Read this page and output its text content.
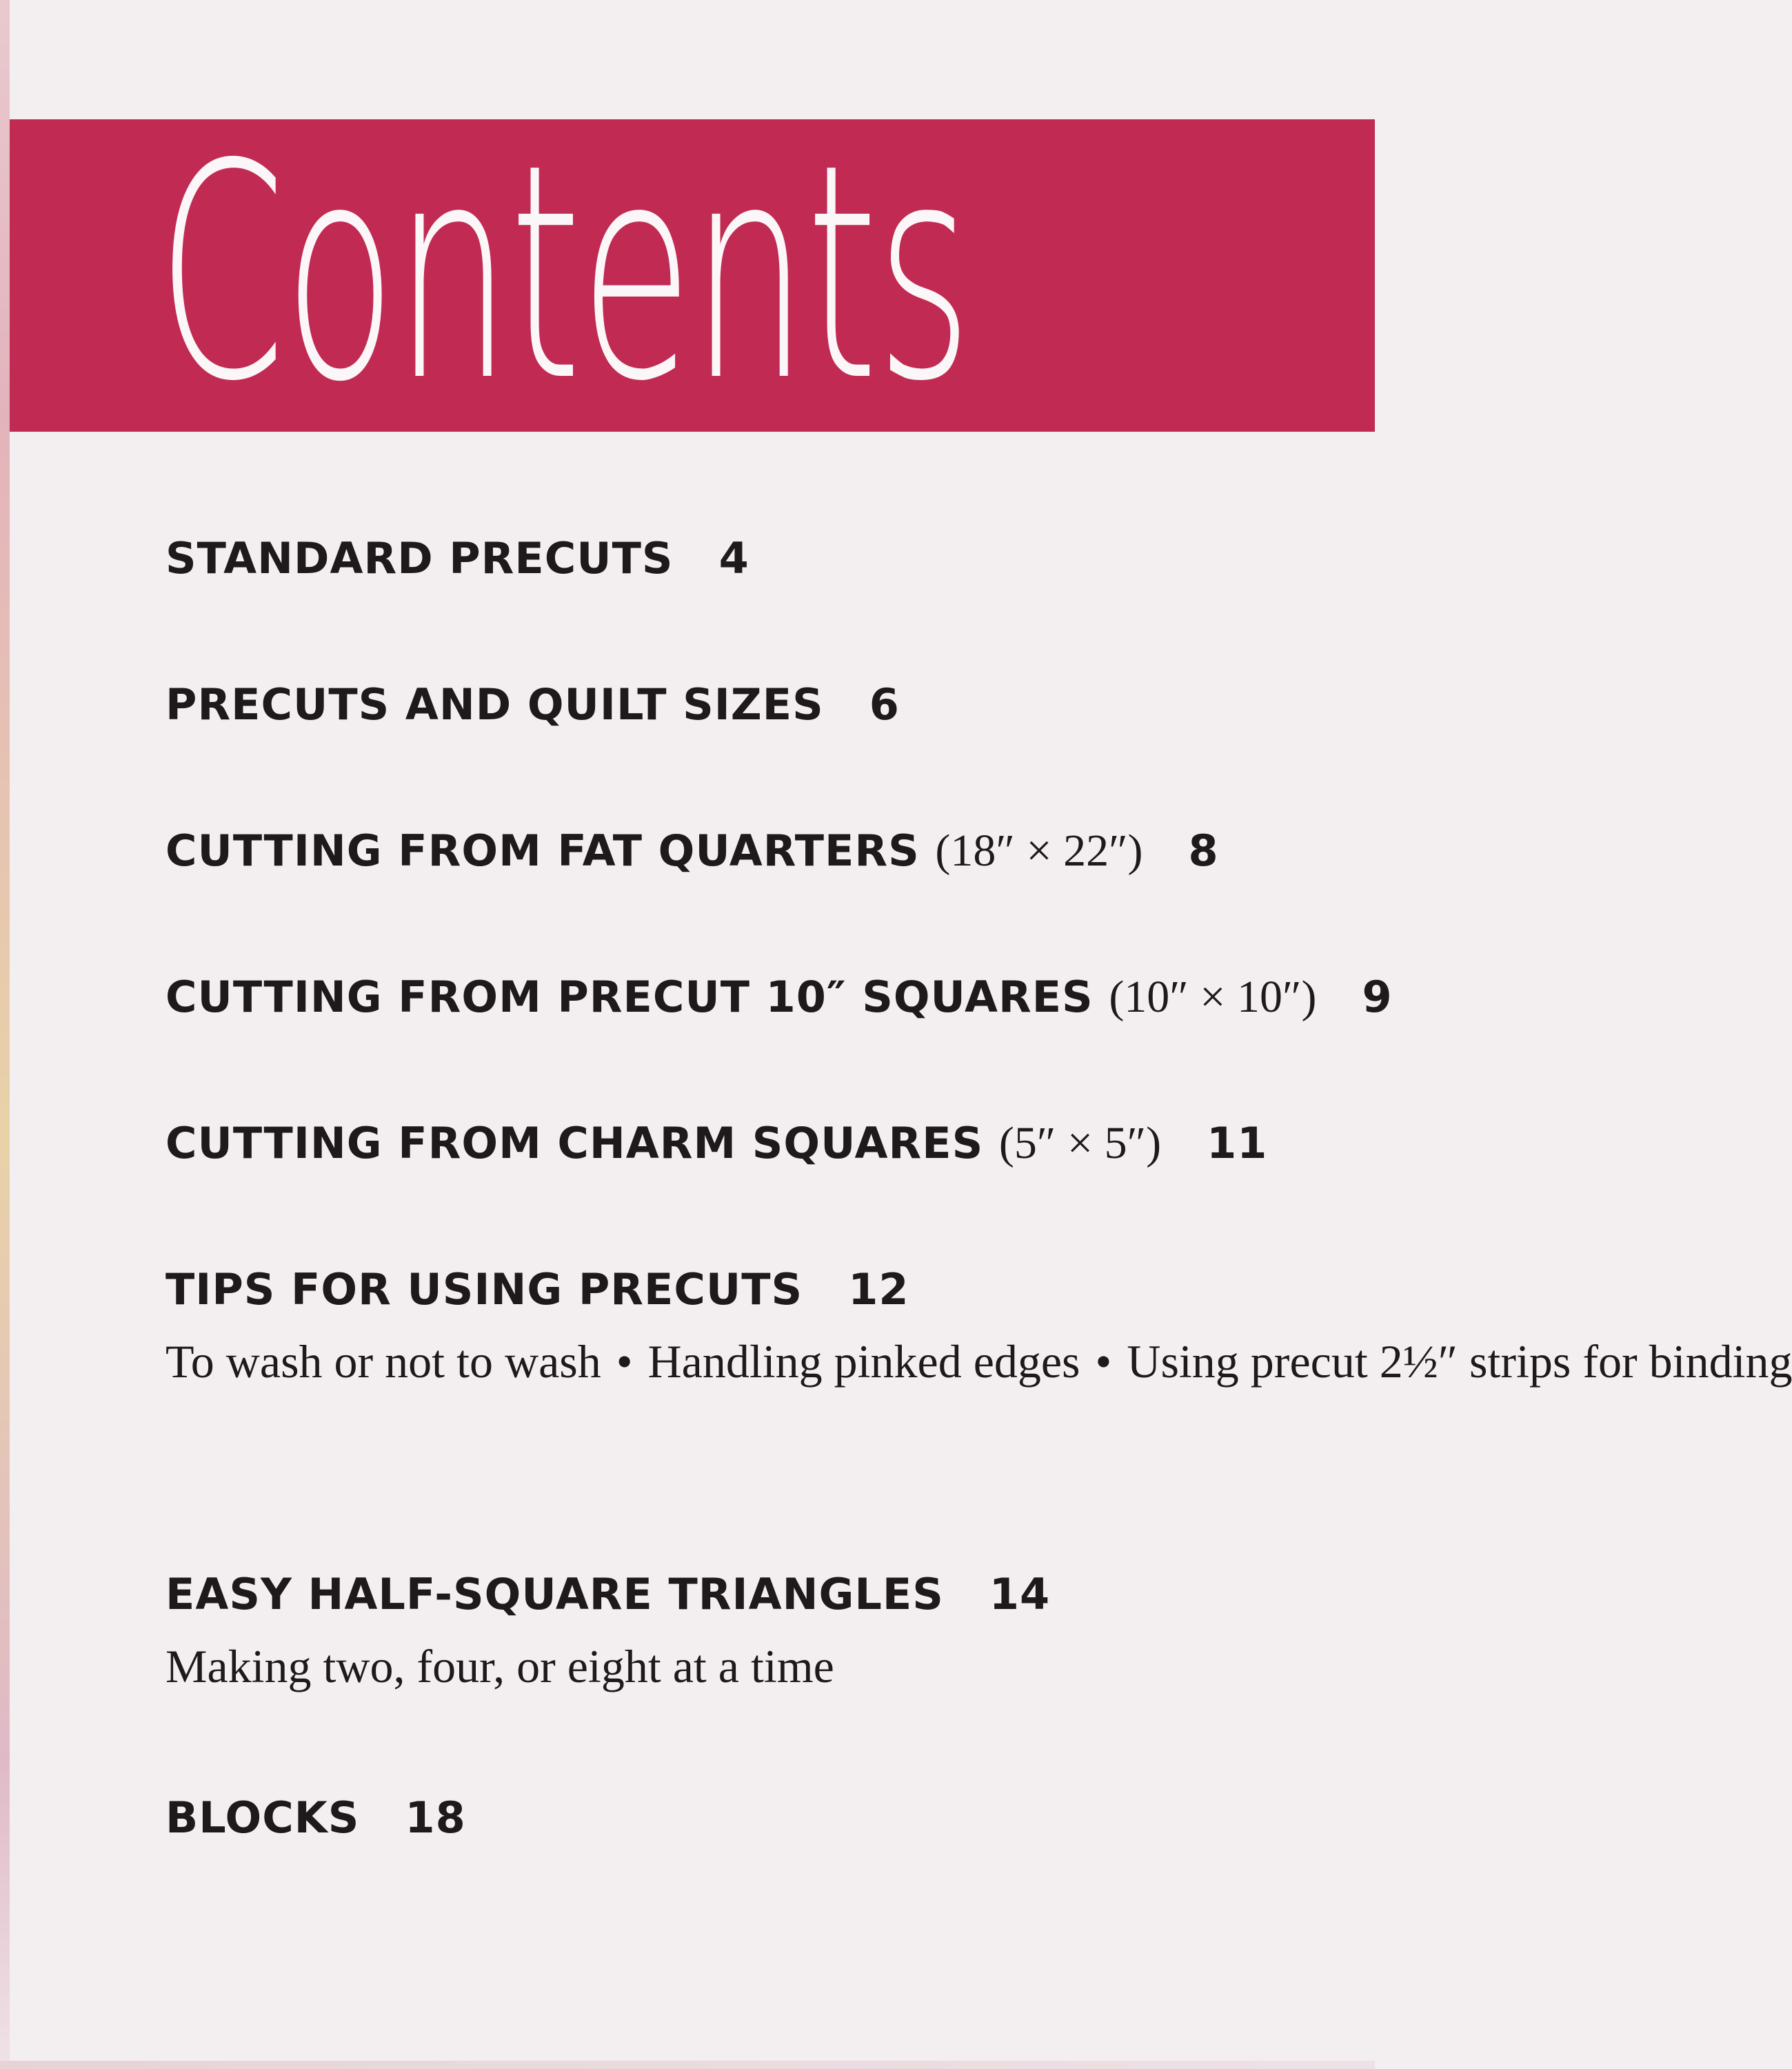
Contents
STANDARD PRECUTS 4
PRECUTS AND QUILT SIZES 6
CUTTING FROM FAT QUARTERS (18″ × 22″) 8
CUTTING FROM PRECUT 10″ SQUARES (10″ × 10″) 9
CUTTING FROM CHARM SQUARES (5″ × 5″) 11
TIPS FOR USING PRECUTS 12
To wash or not to wash • Handling pinked edges • Using precut 2½″ strips for binding
EASY HALF-SQUARE TRIANGLES 14
Making two, four, or eight at a time
BLOCKS 18
